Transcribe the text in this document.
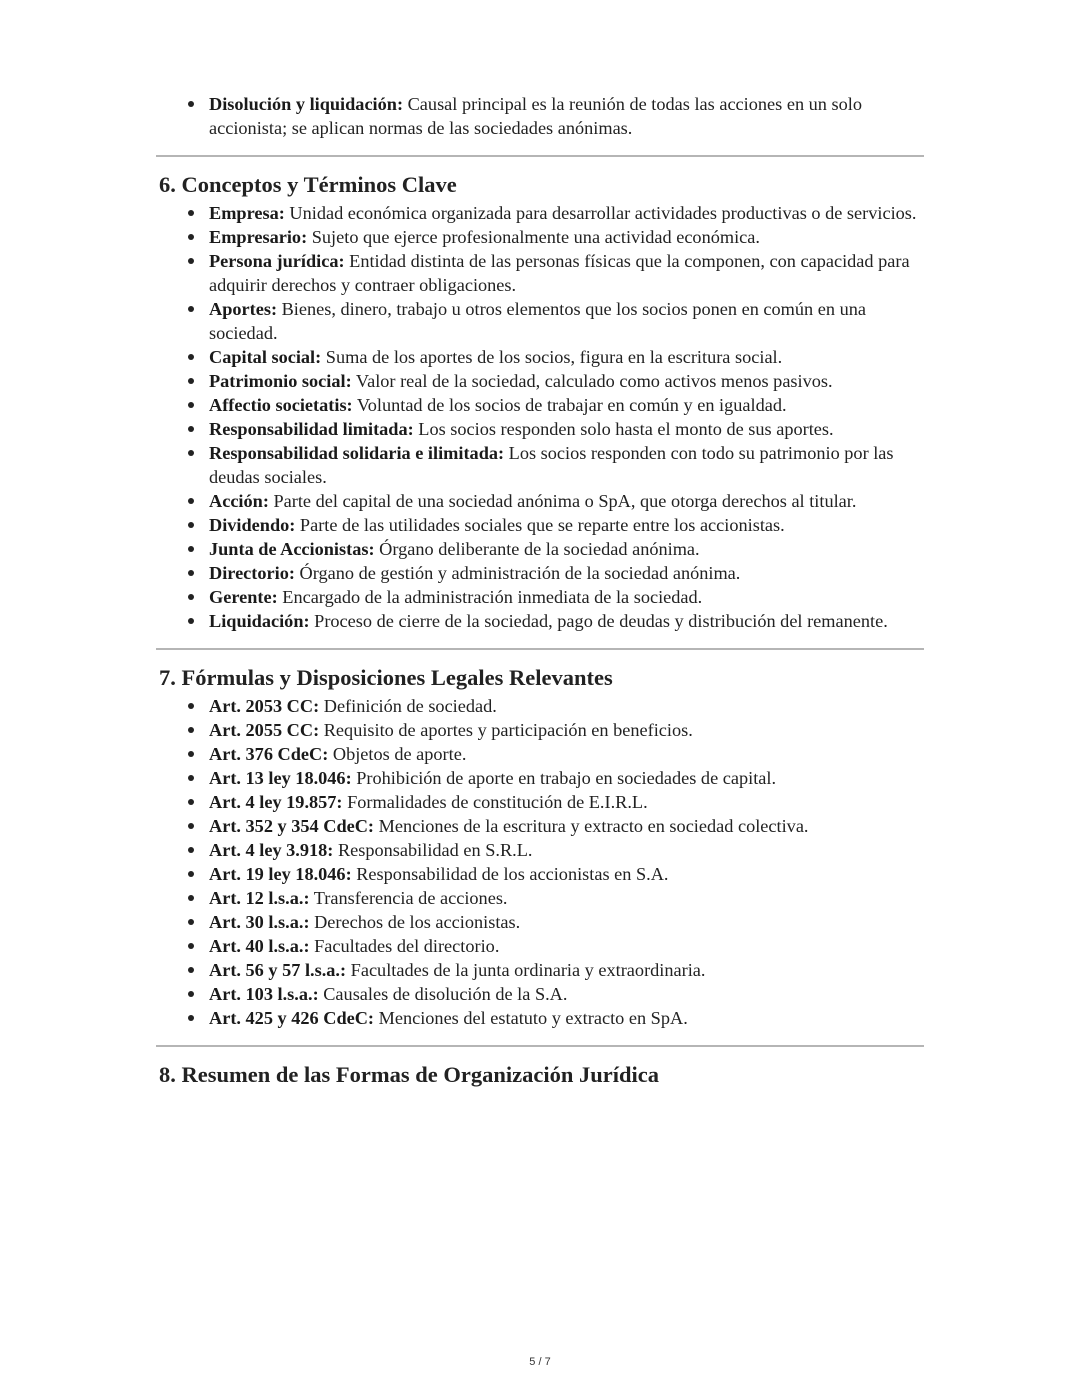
Disolución y liquidación: Causal principal es la reunión de todas las acciones en un solo accionista; se aplican normas de las sociedades anónimas.
6. Conceptos y Términos Clave
Empresa: Unidad económica organizada para desarrollar actividades productivas o de servicios.
Empresario: Sujeto que ejerce profesionalmente una actividad económica.
Persona jurídica: Entidad distinta de las personas físicas que la componen, con capacidad para adquirir derechos y contraer obligaciones.
Aportes: Bienes, dinero, trabajo u otros elementos que los socios ponen en común en una sociedad.
Capital social: Suma de los aportes de los socios, figura en la escritura social.
Patrimonio social: Valor real de la sociedad, calculado como activos menos pasivos.
Affectio societatis: Voluntad de los socios de trabajar en común y en igualdad.
Responsabilidad limitada: Los socios responden solo hasta el monto de sus aportes.
Responsabilidad solidaria e ilimitada: Los socios responden con todo su patrimonio por las deudas sociales.
Acción: Parte del capital de una sociedad anónima o SpA, que otorga derechos al titular.
Dividendo: Parte de las utilidades sociales que se reparte entre los accionistas.
Junta de Accionistas: Órgano deliberante de la sociedad anónima.
Directorio: Órgano de gestión y administración de la sociedad anónima.
Gerente: Encargado de la administración inmediata de la sociedad.
Liquidación: Proceso de cierre de la sociedad, pago de deudas y distribución del remanente.
7. Fórmulas y Disposiciones Legales Relevantes
Art. 2053 CC: Definición de sociedad.
Art. 2055 CC: Requisito de aportes y participación en beneficios.
Art. 376 CdeC: Objetos de aporte.
Art. 13 ley 18.046: Prohibición de aporte en trabajo en sociedades de capital.
Art. 4 ley 19.857: Formalidades de constitución de E.I.R.L.
Art. 352 y 354 CdeC: Menciones de la escritura y extracto en sociedad colectiva.
Art. 4 ley 3.918: Responsabilidad en S.R.L.
Art. 19 ley 18.046: Responsabilidad de los accionistas en S.A.
Art. 12 l.s.a.: Transferencia de acciones.
Art. 30 l.s.a.: Derechos de los accionistas.
Art. 40 l.s.a.: Facultades del directorio.
Art. 56 y 57 l.s.a.: Facultades de la junta ordinaria y extraordinaria.
Art. 103 l.s.a.: Causales de disolución de la S.A.
Art. 425 y 426 CdeC: Menciones del estatuto y extracto en SpA.
8. Resumen de las Formas de Organización Jurídica
5 / 7
